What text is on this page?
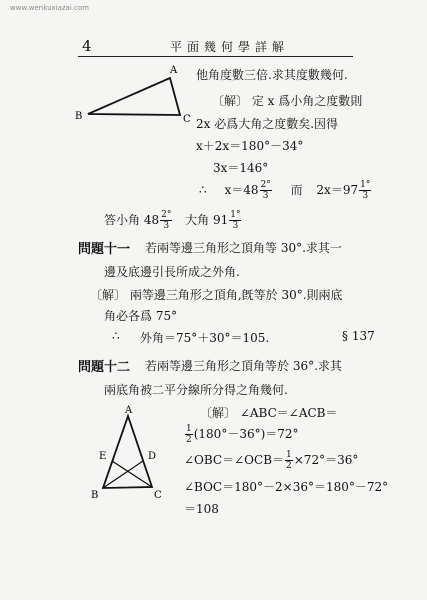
www.wenkuxiazai.com
4	平面幾何學詳解
A
B	C
他角度數三倍.求其度數幾何.
〔解〕 定 x 爲小角之度數則
2x 必爲大角之度數矣.因得
x＋2x＝180°－34°
3x＝146°
∴ $x=48 \frac{2^\circ}{3}$ 而 $2x=97 \frac{1^\circ}{3}$
答小角 $48 \frac{2^\circ}{3}$ 大角 $91 \frac{1^\circ}{3}$
問題十一 若兩等邊三角形之頂角等 30°.求其一
邊及底邊引長所成之外角.
〔解〕 兩等邊三角形之頂角,旣等於 30°.則兩底
角必各爲 75°
∴ 外角＝75°＋30°＝105.	§ 137
問題十二 若兩等邊三角形之頂角等於 36°.求其
兩底角被二平分線所分得之角幾何.
〔解〕 ∠ABC＝∠ACB＝
$\frac{1}{2} (180^\circ-36^\circ)=72^\circ$
∠OBC＝∠OCB＝ $\frac{1}{2} \times 72^\circ=36^\circ$
∠BOC＝180°－2×36°＝180°－72°
＝108
A
E	D
B	C
